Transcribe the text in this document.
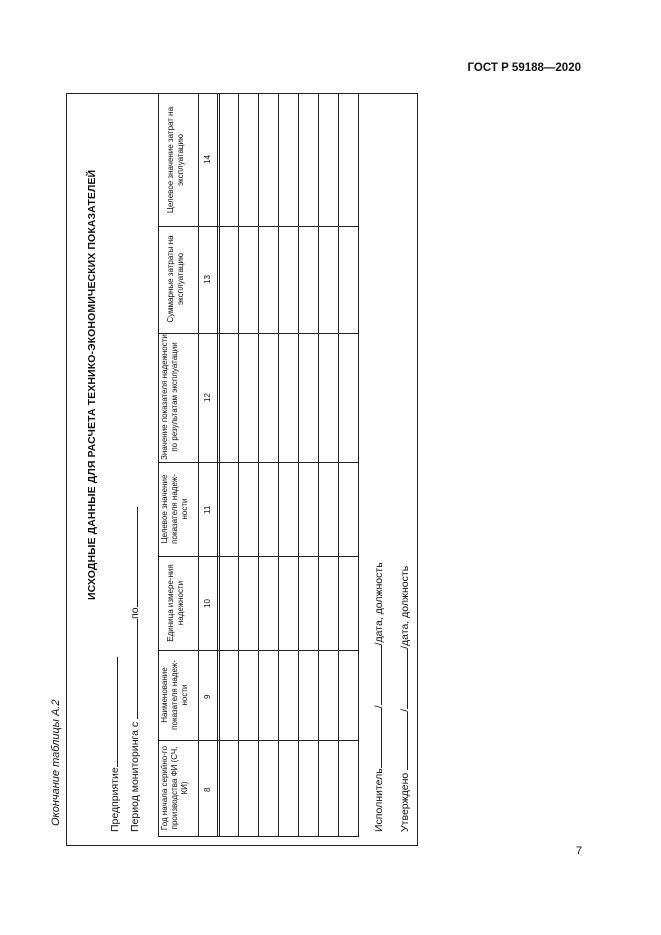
ГОСТ Р 59188—2020
Окончание таблицы А.2
ИСХОДНЫЕ ДАННЫЕ ДЛЯ РАСЧЕТА ТЕХНИКО-ЭКОНОМИЧЕСКИХ ПОКАЗАТЕЛЕЙ
Предприятие Период мониторинга с по
Год начала серийно-го производства ФИ (СЧ, КИ)
Наименование показателя надеж-ности
Единица измере-ния надежности
Целевое значение показателя надеж-ности
Значение показателя надежности по результатам эксплуатации
Суммарные затраты на эксплуатацию
Целевое значение затрат на эксплуатацию
8
9
10
11
12
13
14
Исполнитель//дата, должность
Утверждено //дата, должность
7
